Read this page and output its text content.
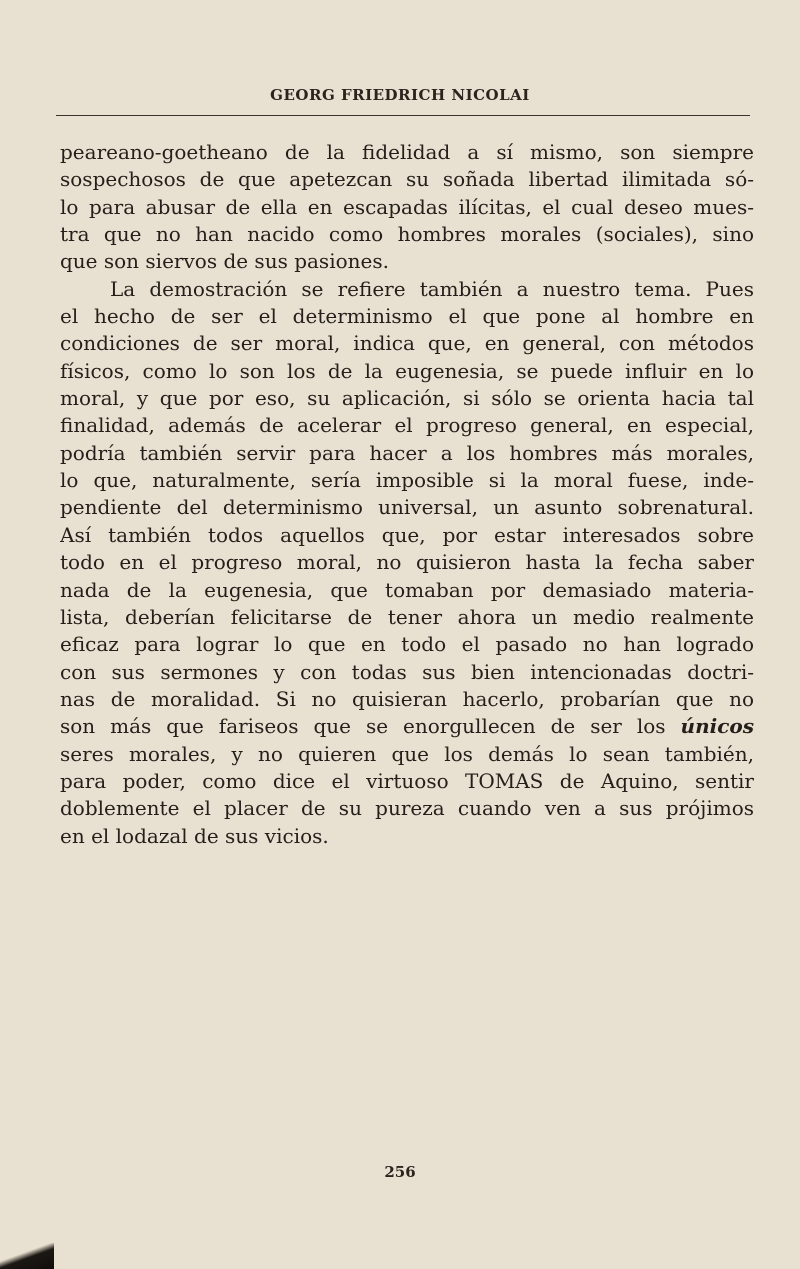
GEORG FRIEDRICH NICOLAI
peareano-goetheano de la fidelidad a sí mismo, son siempre
sospechosos de que apetezcan su soñada libertad ilimitada só-
lo para abusar de ella en escapadas ilícitas, el cual deseo mues-
tra que no han nacido como hombres morales (sociales), sino
que son siervos de sus pasiones.
La demostración se refiere también a nuestro tema. Pues
el hecho de ser el determinismo el que pone al hombre en
condiciones de ser moral, indica que, en general, con métodos
físicos, como lo son los de la eugenesia, se puede influir en lo
moral, y que por eso, su aplicación, si sólo se orienta hacia tal
finalidad, además de acelerar el progreso general, en especial,
podría también servir para hacer a los hombres más morales,
lo que, naturalmente, sería imposible si la moral fuese, inde-
pendiente del determinismo universal, un asunto sobrenatural.
Así también todos aquellos que, por estar interesados sobre
todo en el progreso moral, no quisieron hasta la fecha saber
nada de la eugenesia, que tomaban por demasiado materia-
lista, deberían felicitarse de tener ahora un medio realmente
eficaz para lograr lo que en todo el pasado no han logrado
con sus sermones y con todas sus bien intencionadas doctri-
nas de moralidad. Si no quisieran hacerlo, probarían que no
son más que fariseos que se enorgullecen de ser los únicos
seres morales, y no quieren que los demás lo sean también,
para poder, como dice el virtuoso TOMAS de Aquino, sentir
doblemente el placer de su pureza cuando ven a sus prójimos
en el lodazal de sus vicios.
256
